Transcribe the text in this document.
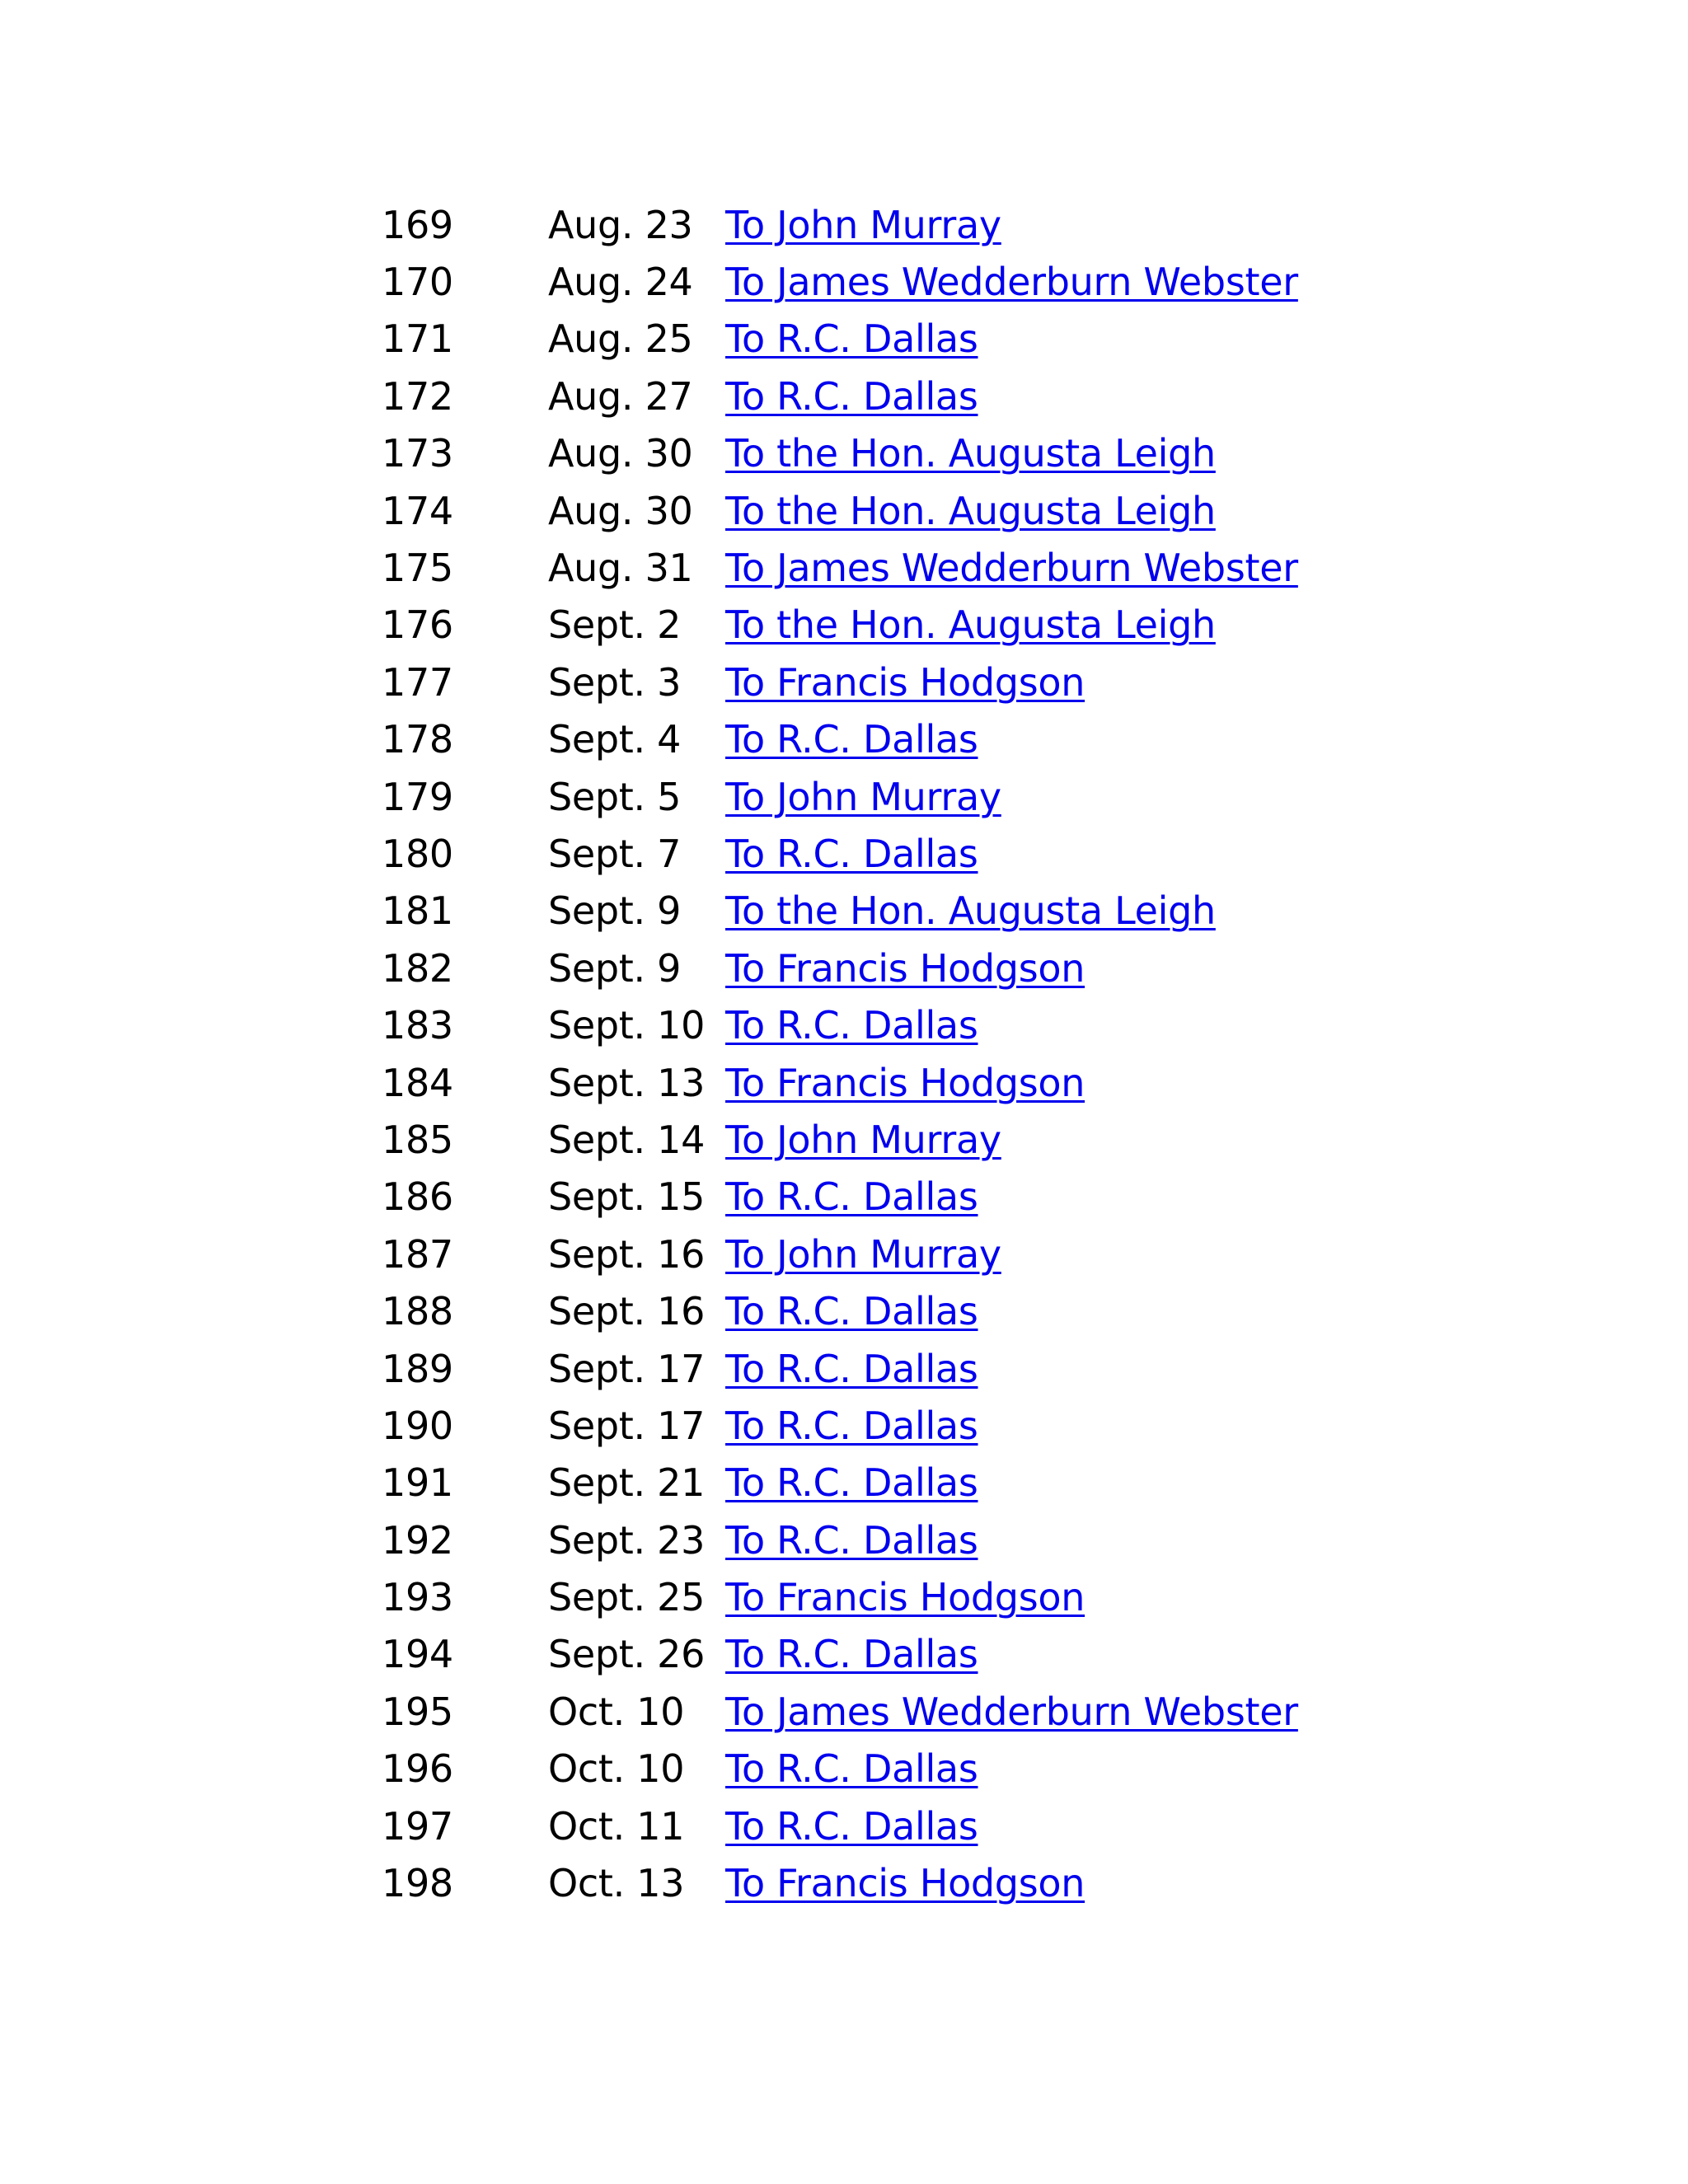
169	Aug. 23	To John Murray
170	Aug. 24	To James Wedderburn Webster
171	Aug. 25	To R.C. Dallas
172	Aug. 27	To R.C. Dallas
173	Aug. 30	To the Hon. Augusta Leigh
174	Aug. 30	To the Hon. Augusta Leigh
175	Aug. 31	To James Wedderburn Webster
176	Sept. 2	To the Hon. Augusta Leigh
177	Sept. 3	To Francis Hodgson
178	Sept. 4	To R.C. Dallas
179	Sept. 5	To John Murray
180	Sept. 7	To R.C. Dallas
181	Sept. 9	To the Hon. Augusta Leigh
182	Sept. 9	To Francis Hodgson
183	Sept. 10	To R.C. Dallas
184	Sept. 13	To Francis Hodgson
185	Sept. 14	To John Murray
186	Sept. 15	To R.C. Dallas
187	Sept. 16	To John Murray
188	Sept. 16	To R.C. Dallas
189	Sept. 17	To R.C. Dallas
190	Sept. 17	To R.C. Dallas
191	Sept. 21	To R.C. Dallas
192	Sept. 23	To R.C. Dallas
193	Sept. 25	To Francis Hodgson
194	Sept. 26	To R.C. Dallas
195	Oct. 10	To James Wedderburn Webster
196	Oct. 10	To R.C. Dallas
197	Oct. 11	To R.C. Dallas
198	Oct. 13	To Francis Hodgson
